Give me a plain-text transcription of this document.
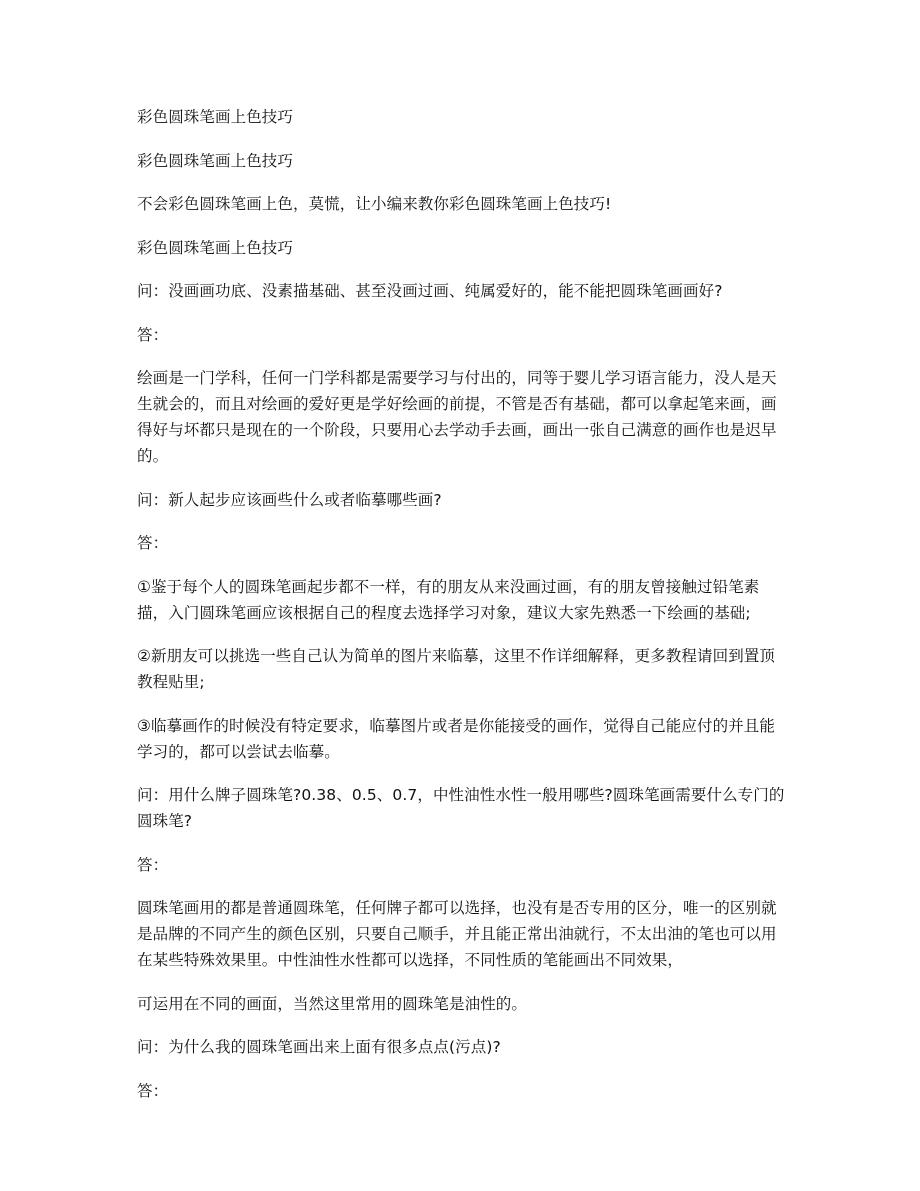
彩色圆珠笔画上色技巧

彩色圆珠笔画上色技巧

不会彩色圆珠笔画上色，莫慌，让小编来教你彩色圆珠笔画上色技巧!

彩色圆珠笔画上色技巧

问：没画画功底、没素描基础、甚至没画过画、纯属爱好的，能不能把圆珠笔画画好?

答：

绘画是一门学科，任何一门学科都是需要学习与付出的，同等于婴儿学习语言能力，没人是天生就会的，而且对绘画的爱好更是学好绘画的前提，不管是否有基础，都可以拿起笔来画，画得好与坏都只是现在的一个阶段，只要用心去学动手去画，画出一张自己满意的画作也是迟早的。

问：新人起步应该画些什么或者临摹哪些画?

答：

①鉴于每个人的圆珠笔画起步都不一样，有的朋友从来没画过画，有的朋友曾接触过铅笔素描，入门圆珠笔画应该根据自己的程度去选择学习对象，建议大家先熟悉一下绘画的基础;

②新朋友可以挑选一些自己认为简单的图片来临摹，这里不作详细解释，更多教程请回到置顶教程贴里;

③临摹画作的时候没有特定要求，临摹图片或者是你能接受的画作，觉得自己能应付的并且能学习的，都可以尝试去临摹。

问：用什么牌子圆珠笔?0.38、0.5、0.7，中性油性水性一般用哪些?圆珠笔画需要什么专门的圆珠笔?

答：

圆珠笔画用的都是普通圆珠笔，任何牌子都可以选择，也没有是否专用的区分，唯一的区别就是品牌的不同产生的颜色区别，只要自己顺手，并且能正常出油就行，不太出油的笔也可以用在某些特殊效果里。中性油性水性都可以选择，不同性质的笔能画出不同效果，

可运用在不同的画面，当然这里常用的圆珠笔是油性的。

问：为什么我的圆珠笔画出来上面有很多点点(污点)?

答：
